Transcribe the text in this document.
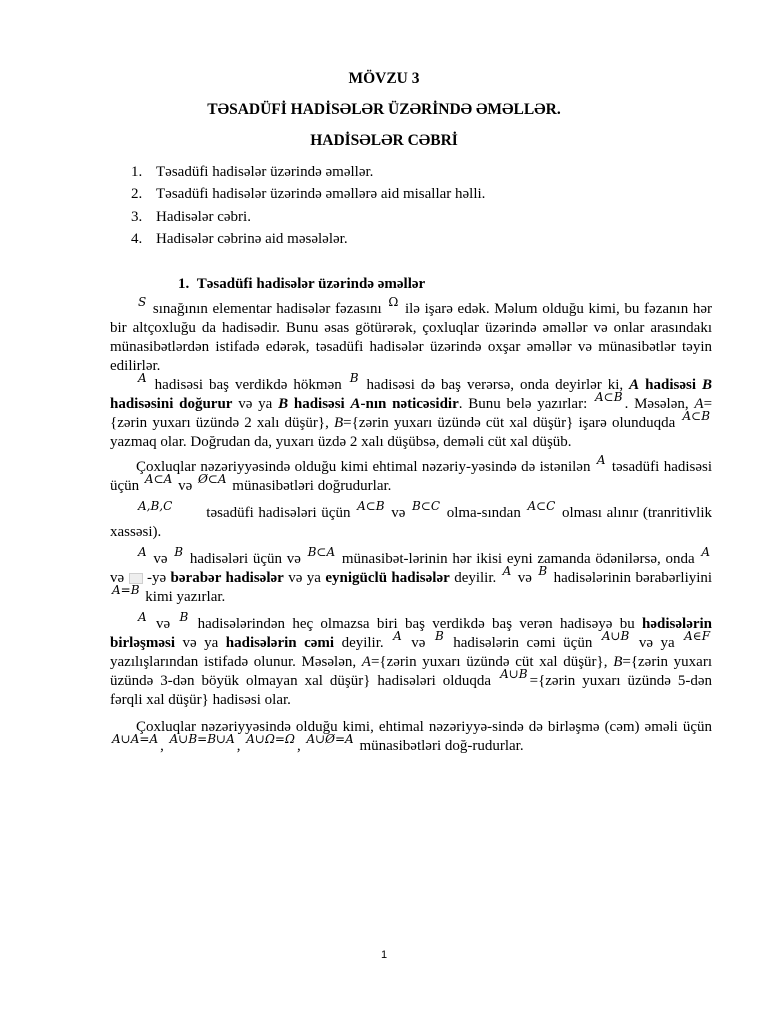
MÖVZU 3
TƏSADÜFİ HADİSƏLƏR ÜZƏRİNDƏ ƏMƏLLƏR.
HADİSƏLƏR CƏBRİ
1. Təsadüfi hadisələr üzərində əməllər.
2. Təsadüfi hadisələr üzərində əməllərə aid misallar həlli.
3. Hadisələr cəbri.
4. Hadisələr cəbrinə aid məsələlər.
1. Təsadüfi hadisələr üzərində əməllər

$^S$ sınağının elementar hadisələr fəzasını $^\Omega$ ilə işarə edək. Məlum olduğu kimi, bu fəzanın hər bir altçoxluğu da hadisədir. Bunu əsas götürərək, çoxluqlar üzərində əməllər və onlar arasındakı münasibətlərdən istifadə edərək, təsadüfi hadisələr üzərində oxşar əməllər və münasibətlər təyin edilirlər.

$^A$ hadisəsi baş verdikdə hökmən $^B$ hadisəsi də baş verərsə, onda deyirlər ki, A hadisəsi B hadisəsini doğurur və ya B hadisəsi A-nın nəticəsidir. Bunu belə yazırlar: $^{A\subset B}$ . Məsələn, A={zərin yuxarı üzündə 2 xalı düşür}, B={zərin yuxarı üzündə cüt xal düşür} işarə olunduqda $^{A\subset B}$ yazmaq olar. Doğrudan da, yuxarı üzdə 2 xalı düşübsə, deməli cüt xal düşüb.

Çoxluqlar nəzəriyyəsində olduğu kimi ehtimal nəzəriy-yəsində də istənilən $^A$ təsadüfi hadisəsi üçün $^{A\subset A}$ və $^{Ø\subset A}$ münasibətləri doğrudurlar.

$^{A,B,C}$ təsadüfi hadisələri üçün $^{A\subset B}$ və $^{B\subset C}$ olma-sından $^{A\subset C}$ olması alınır (tranritivlik xassəsi).

$^A$ və $^B$ hadisələri üçün və $^{B\subset A}$ münasibət-lərinin hər ikisi eyni zamanda ödənilərsə, onda $^A$ və -yə bərabər hadisələr və ya eynigüclü hadisələr deyilir. $^A$ və $^B$ hadisələrinin bərabərliyini $^{A=B}$ kimi yazırlar.

$^A$ və $^B$ hadisələrindən heç olmazsa biri baş verdikdə baş verən hadisəyə bu hədisələrin birləşməsi və ya hadisələrin cəmi deyilir. $^A$ və $^B$ hadisələrin cəmi üçün $^{A\cup B}$ və ya $^{A\in F}$ yazılışlarından istifadə olunur. Məsələn, A={zərin yuxarı üzündə cüt xal düşür}, B={zərin yuxarı üzündə 3-dən böyük olmayan xal düşür} hadisələri olduqda $^{A\cup B}$ ={zərin yuxarı üzündə 5-dən fərqli xal düşür} hadisəsi olar.

Çoxluqlar nəzəriyyəsində olduğu kimi, ehtimal nəzəriyyə-sində də birləşmə (cəm) əməli üçün $^{A\cup A=A}$ , $^{A\cup B=B\cup A}$ , $^{A\cup\Omega=\Omega}$ , $^{A\cup Ø=A}$ münasibətləri doğ-rudurlar.

1
